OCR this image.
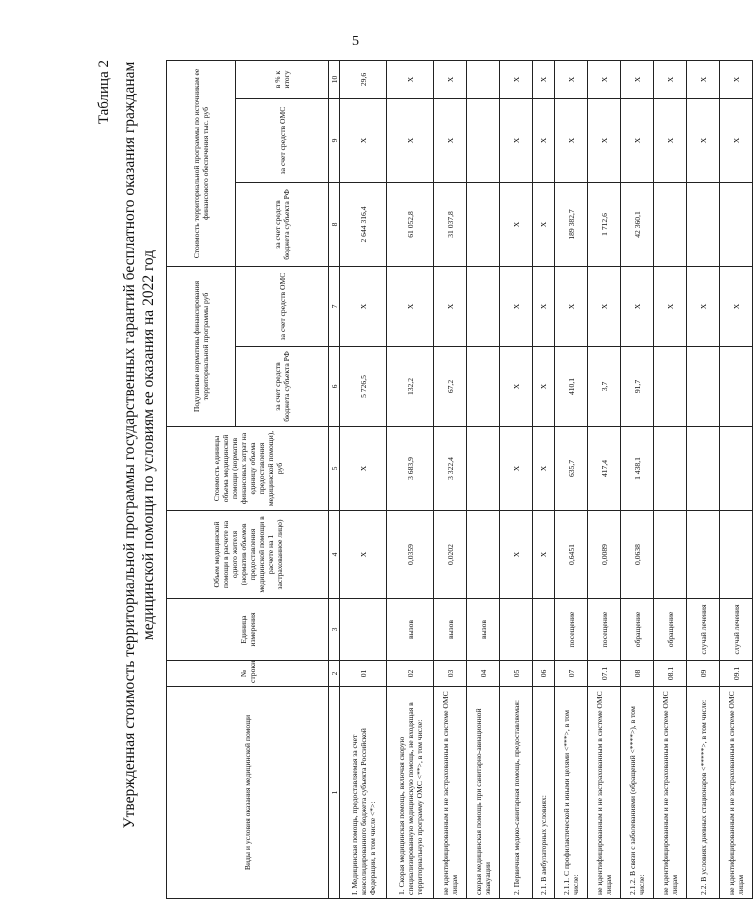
5
Таблица 2 Утвержденная стоимость территориальной программы государственных гарантий бесплатного оказания гражданам медицинской помощи по условиям ее оказания на 2022 год
Виды и условия оказания медицинской помощи	№ строки	Единица измерения	Объем медицинской помощи в расчете на одного жителя (норматив объемов предоставления медицинской помощи в расчете на 1 застрахованное лицо)	Стоимость единицы объема медицинской помощи (норматив финансовых затрат на единицу объема предоставления медицинской помощи), руб	Подушевые нормативы финансирования территориальной программы руб		Стоимость территориальной программы по источникам ее финансового обеспечения тыс. руб		
					за счет средств бюджета субъекта РФ	за счет средств ОМС	за счет средств бюджета субъекта РФ	за счет средств ОМС	в % к итогу
1	2	3	4	5	6	7	8	9	10
I. Медицинская помощь, предоставляемая за счет консолидированного бюджета субъекта Российской Федерации, в том числе <*>:	01		X	X	5 726,5	X	2 644 316,4	X	29,6
1. Скорая медицинская помощь, включая скорую специализированную медицинскую помощь, не входящая в территориальную программу ОМС <**>, в том числе:	02	вызов	0,0359	3 683,9	132,2	X	61 052,8	X	X
не идентифицированным и не застрахованным в системе ОМС лицам	03	вызов	0,0202	3 322,4	67,2	X	31 037,8	X	X
скорая медицинская помощь при санитарно-авиационной эвакуации	04	вызов							
2. Первичная медико-санитарная помощь, предоставляемая:	05		X	X	X	X	X	X	X
2.1. В амбулаторных условиях:	06		X	X	X	X	X	X	X
2.1.1. С профилактической и иными целями <***>, в том числе:	07	посещение	0,6451	635,7	410,1	X	189 382,7	X	X
не идентифицированным и не застрахованным в системе ОМС лицам	07.1	посещение	0,0089	417,4	3,7	X	1 712,6	X	X
2.1.2. В связи с заболеваниями (обращений <****>), в том числе:	08	обращение	0,0638	1 438,1	91,7	X	42 360,1	X	X
не идентифицированным и не застрахованным в системе ОМС лицам	08.1	обращение				X		X	X
2.2. В условиях дневных стационаров <*****>, в том числе:	09	случай лечения				X		X	X
не идентифицированным и не застрахованным в системе ОМС лицам	09.1	случай лечения				X		X	X
